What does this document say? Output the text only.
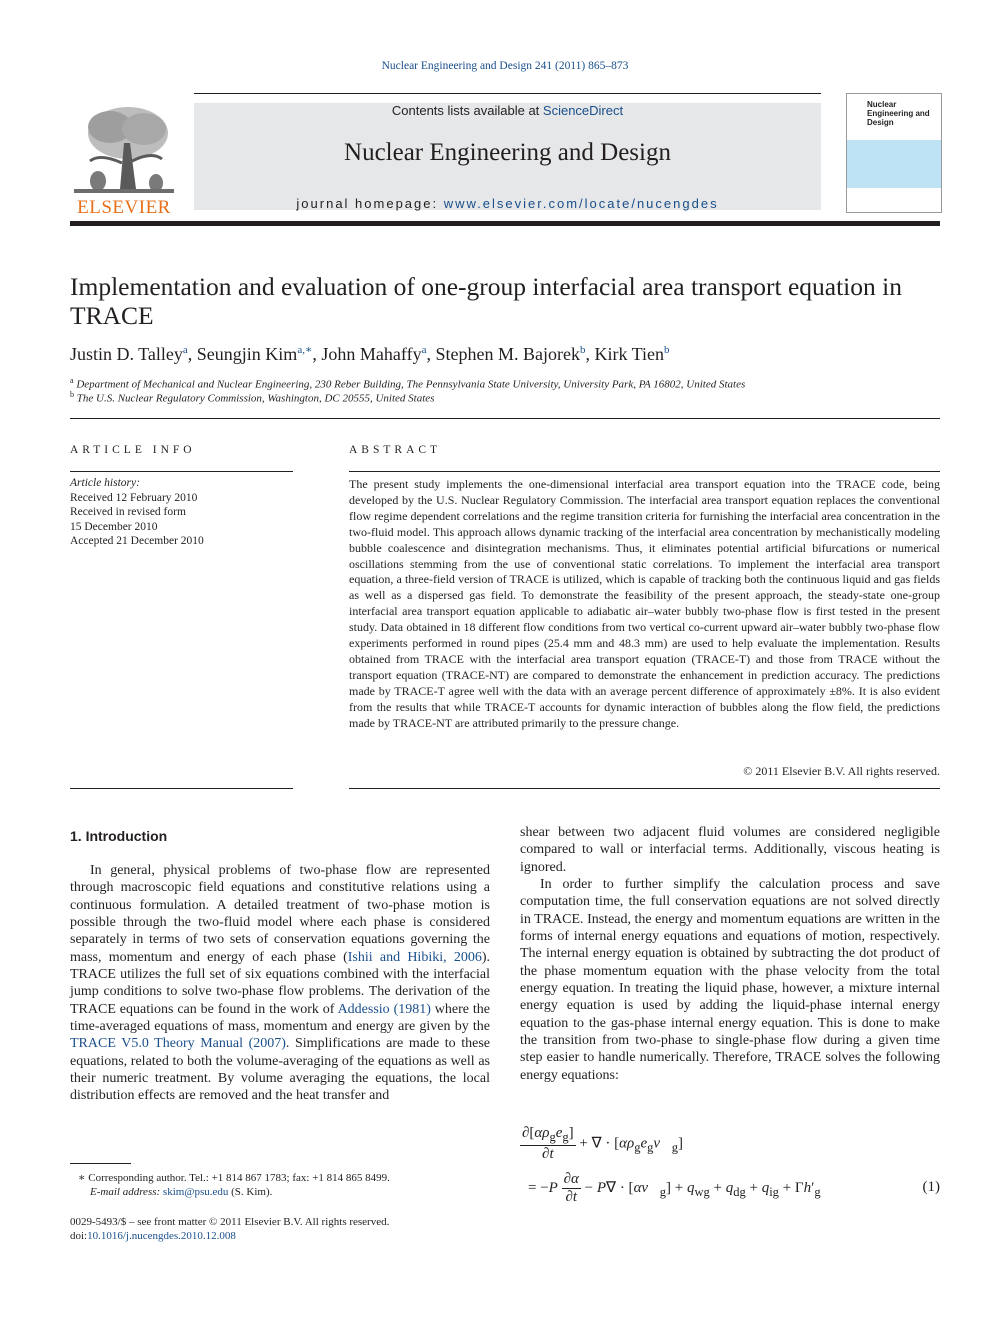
Nuclear Engineering and Design 241 (2011) 865–873
ELSEVIER
Contents lists available at ScienceDirect
Nuclear Engineering and Design
journal homepage: www.elsevier.com/locate/nucengdes
Nuclear Engineering and Design
Implementation and evaluation of one-group interfacial area transport equation in TRACE
Justin D. Talley$^a$, Seungjin Kim$^{a,∗}$, John Mahaffy$^a$, Stephen M. Bajorek$^b$, Kirk Tien$^b$
$^a$ Department of Mechanical and Nuclear Engineering, 230 Reber Building, The Pennsylvania State University, University Park, PA 16802, United States
$^b$ The U.S. Nuclear Regulatory Commission, Washington, DC 20555, United States
ARTICLE INFO
Article history:
Received 12 February 2010
Received in revised form
15 December 2010
Accepted 21 December 2010
ABSTRACT
The present study implements the one-dimensional interfacial area transport equation into the TRACE code, being developed by the U.S. Nuclear Regulatory Commission. The interfacial area transport equation replaces the conventional flow regime dependent correlations and the regime transition criteria for furnishing the interfacial area concentration in the two-fluid model. This approach allows dynamic tracking of the interfacial area concentration by mechanistically modeling bubble coalescence and disintegration mechanisms. Thus, it eliminates potential artificial bifurcations or numerical oscillations stemming from the use of conventional static correlations. To implement the interfacial area transport equation, a three-field version of TRACE is utilized, which is capable of tracking both the continuous liquid and gas fields as well as a dispersed gas field. To demonstrate the feasibility of the present approach, the steady-state one-group interfacial area transport equation applicable to adiabatic air–water bubbly two-phase flow is first tested in the present study. Data obtained in 18 different flow conditions from two vertical co-current upward air–water bubbly two-phase flow experiments performed in round pipes (25.4 mm and 48.3 mm) are used to help evaluate the implementation. Results obtained from TRACE with the interfacial area transport equation (TRACE-T) and those from TRACE without the transport equation (TRACE-NT) are compared to demonstrate the enhancement in prediction accuracy. The predictions made by TRACE-T agree well with the data with an average percent difference of approximately ±8%. It is also evident from the results that while TRACE-T accounts for dynamic interaction of bubbles along the flow field, the predictions made by TRACE-NT are attributed primarily to the pressure change.
© 2011 Elsevier B.V. All rights reserved.
1. Introduction

In general, physical problems of two-phase flow are represented through macroscopic field equations and constitutive relations using a continuous formulation. A detailed treatment of two-phase motion is possible through the two-fluid model where each phase is considered separately in terms of two sets of conservation equations governing the mass, momentum and energy of each phase (Ishii and Hibiki, 2006). TRACE utilizes the full set of six equations combined with the interfacial jump conditions to solve two-phase flow problems. The derivation of the TRACE equations can be found in the work of Addessio (1981) where the time-averaged equations of mass, momentum and energy are given by the TRACE V5.0 Theory Manual (2007). Simplifications are made to these equations, related to both the volume-averaging of the equations as well as their numeric treatment. By volume averaging the equations, the local distribution effects are removed and the heat transfer and

shear between two adjacent fluid volumes are considered negligible compared to wall or interfacial terms. Additionally, viscous heating is ignored.

In order to further simplify the calculation process and save computation time, the full conservation equations are not solved directly in TRACE. Instead, the energy and momentum equations are written in the forms of internal energy equations and equations of motion, respectively. The internal energy equation is obtained by subtracting the dot product of the phase momentum equation with the phase velocity from the total energy equation. In treating the liquid phase, however, a mixture internal energy equation is used by adding the liquid-phase internal energy equation to the gas-phase internal energy equation. This is done to make the transition from two-phase to single-phase flow during a given time step easier to handle numerically. Therefore, TRACE solves the following energy equations:

$\frac{\partial[\alpha\rho_ge_g]}{\partial t}$ + ∇ · $[\alpha\rho_ge_gv⃗_g]$
= $-P \frac{\partial\alpha}{\partial t} - P\nabla$ · $[\alpha v⃗_g] + q_{wg} + q_{dg} + q_{ig} + \Gamma h'_g$	(1)
∗ Corresponding author. Tel.: +1 814 867 1783; fax: +1 814 865 8499.
E-mail address: skim@psu.edu (S. Kim).
0029-5493/$ – see front matter © 2011 Elsevier B.V. All rights reserved.
doi:10.1016/j.nucengdes.2010.12.008
